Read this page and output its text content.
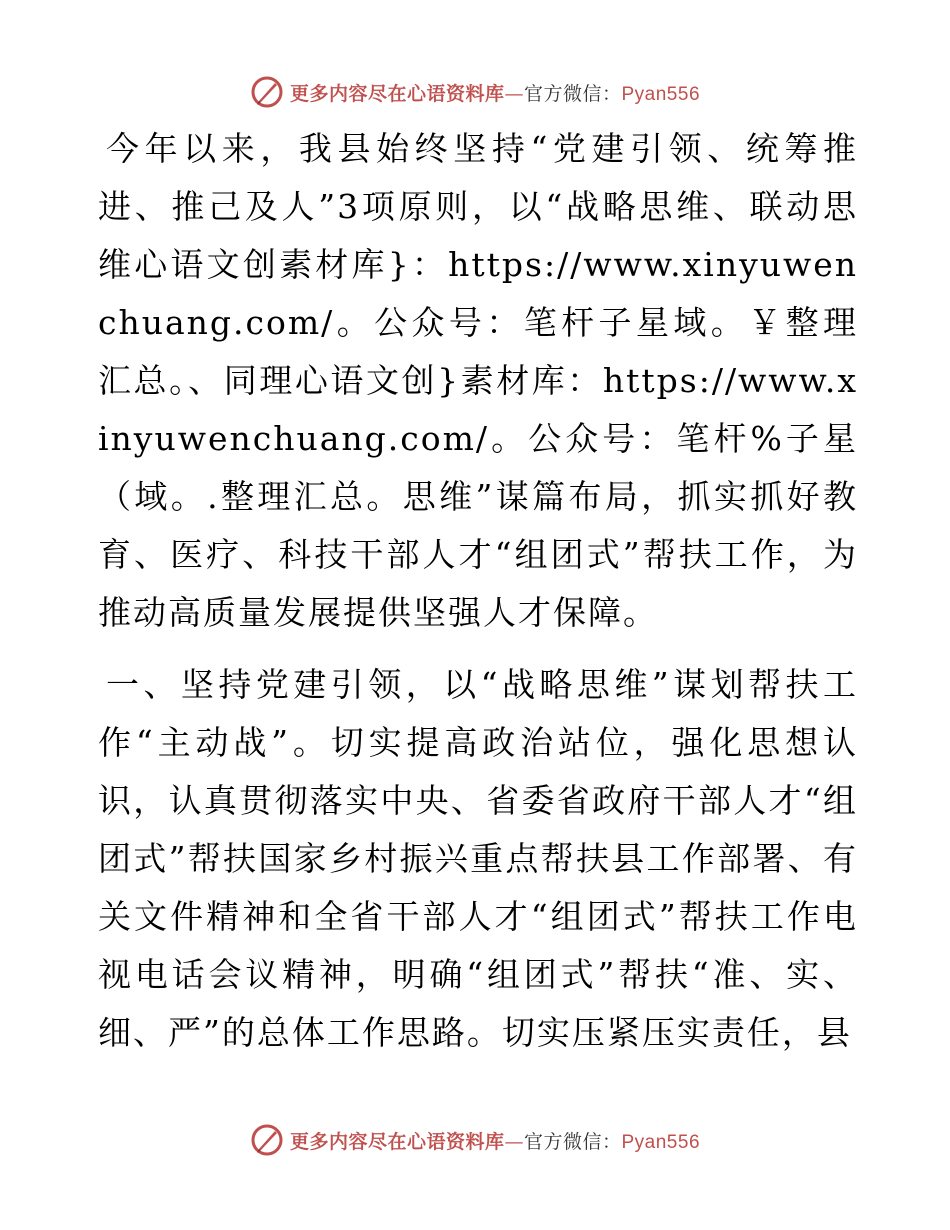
更多内容尽在心语资料库—官方微信：Pyan556

今年以来，我县始终坚持“党建引领、统筹推进、推己及人”3项原则，以“战略思维、联动思维心语文创素材库}：https://www.xinyuwenchuang.com/。公众号：笔杆子星域。￥整理汇总。、同理心语文创}素材库：https://www.xinyuwenchuang.com/。公众号：笔杆%子星（域。.整理汇总。思维”谋篇布局，抓实抓好教育、医疗、科技干部人才“组团式”帮扶工作，为推动高质量发展提供坚强人才保障。

一、坚持党建引领，以“战略思维”谋划帮扶工作“主动战”。切实提高政治站位，强化思想认识，认真贯彻落实中央、省委省政府干部人才“组团式”帮扶国家乡村振兴重点帮扶县工作部署、有关文件精神和全省干部人才“组团式”帮扶工作电视电话会议精神，明确“组团式”帮扶“准、实、细、严”的总体工作思路。切实压紧压实责任，县

更多内容尽在心语资料库—官方微信：Pyan556
